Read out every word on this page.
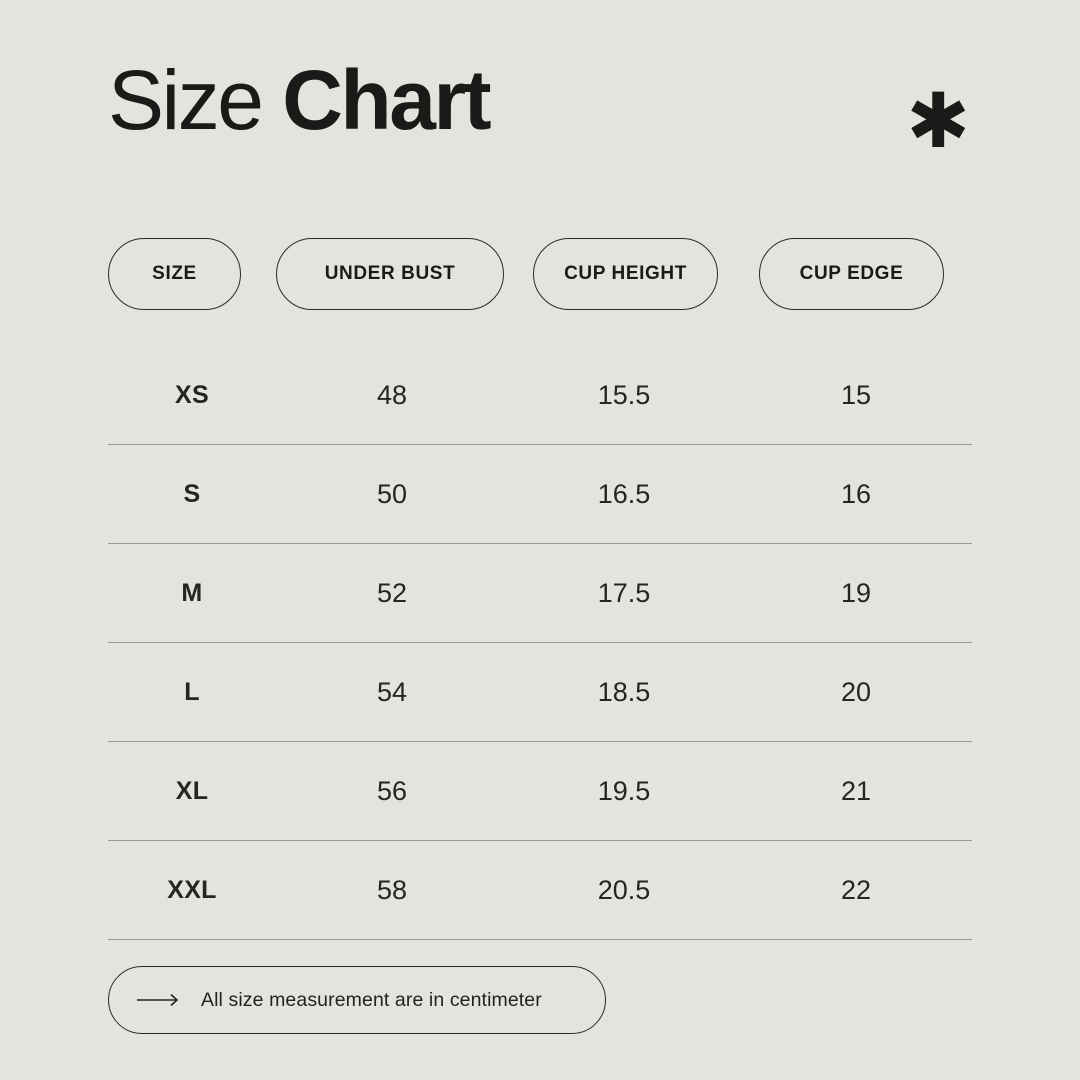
Size Chart	✱
SIZE	UNDER BUST	CUP HEIGHT	CUP EDGE
XS	48	15.5	15
S	50	16.5	16
M	52	17.5	19
L	54	18.5	20
XL	56	19.5	21
XXL	58	20.5	22
All size measurement are in centimeter
